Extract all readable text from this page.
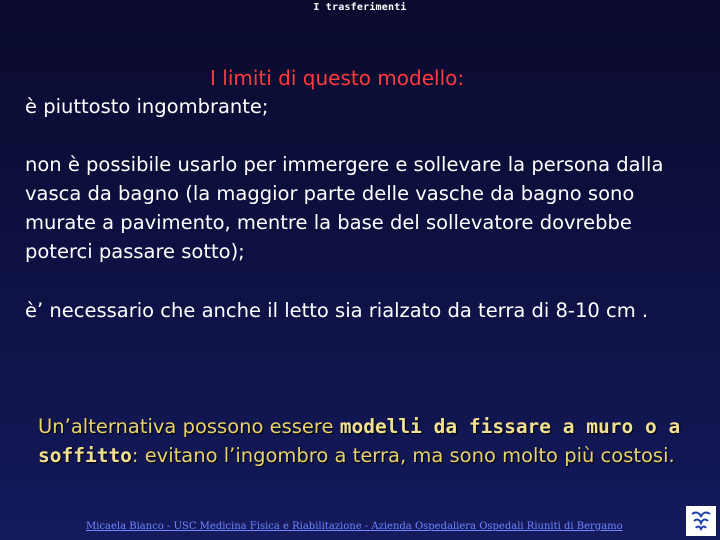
I trasferimenti
I limiti di questo modello:
è piuttosto ingombrante;
non è possibile usarlo per immergere e sollevare la persona dalla vasca da bagno (la maggior parte delle vasche da bagno sono murate a pavimento, mentre la base del sollevatore dovrebbe poterci passare sotto);
è’ necessario che anche il letto sia rialzato da terra di 8-10 cm .
Un’alternativa possono essere modelli da fissare a muro o a soffitto: evitano l’ingombro a terra, ma sono molto più costosi.
Micaela Bianco - USC Medicina Fisica e Riabilitazione - Azienda Ospedaliera Ospedali Riuniti di Bergamo
